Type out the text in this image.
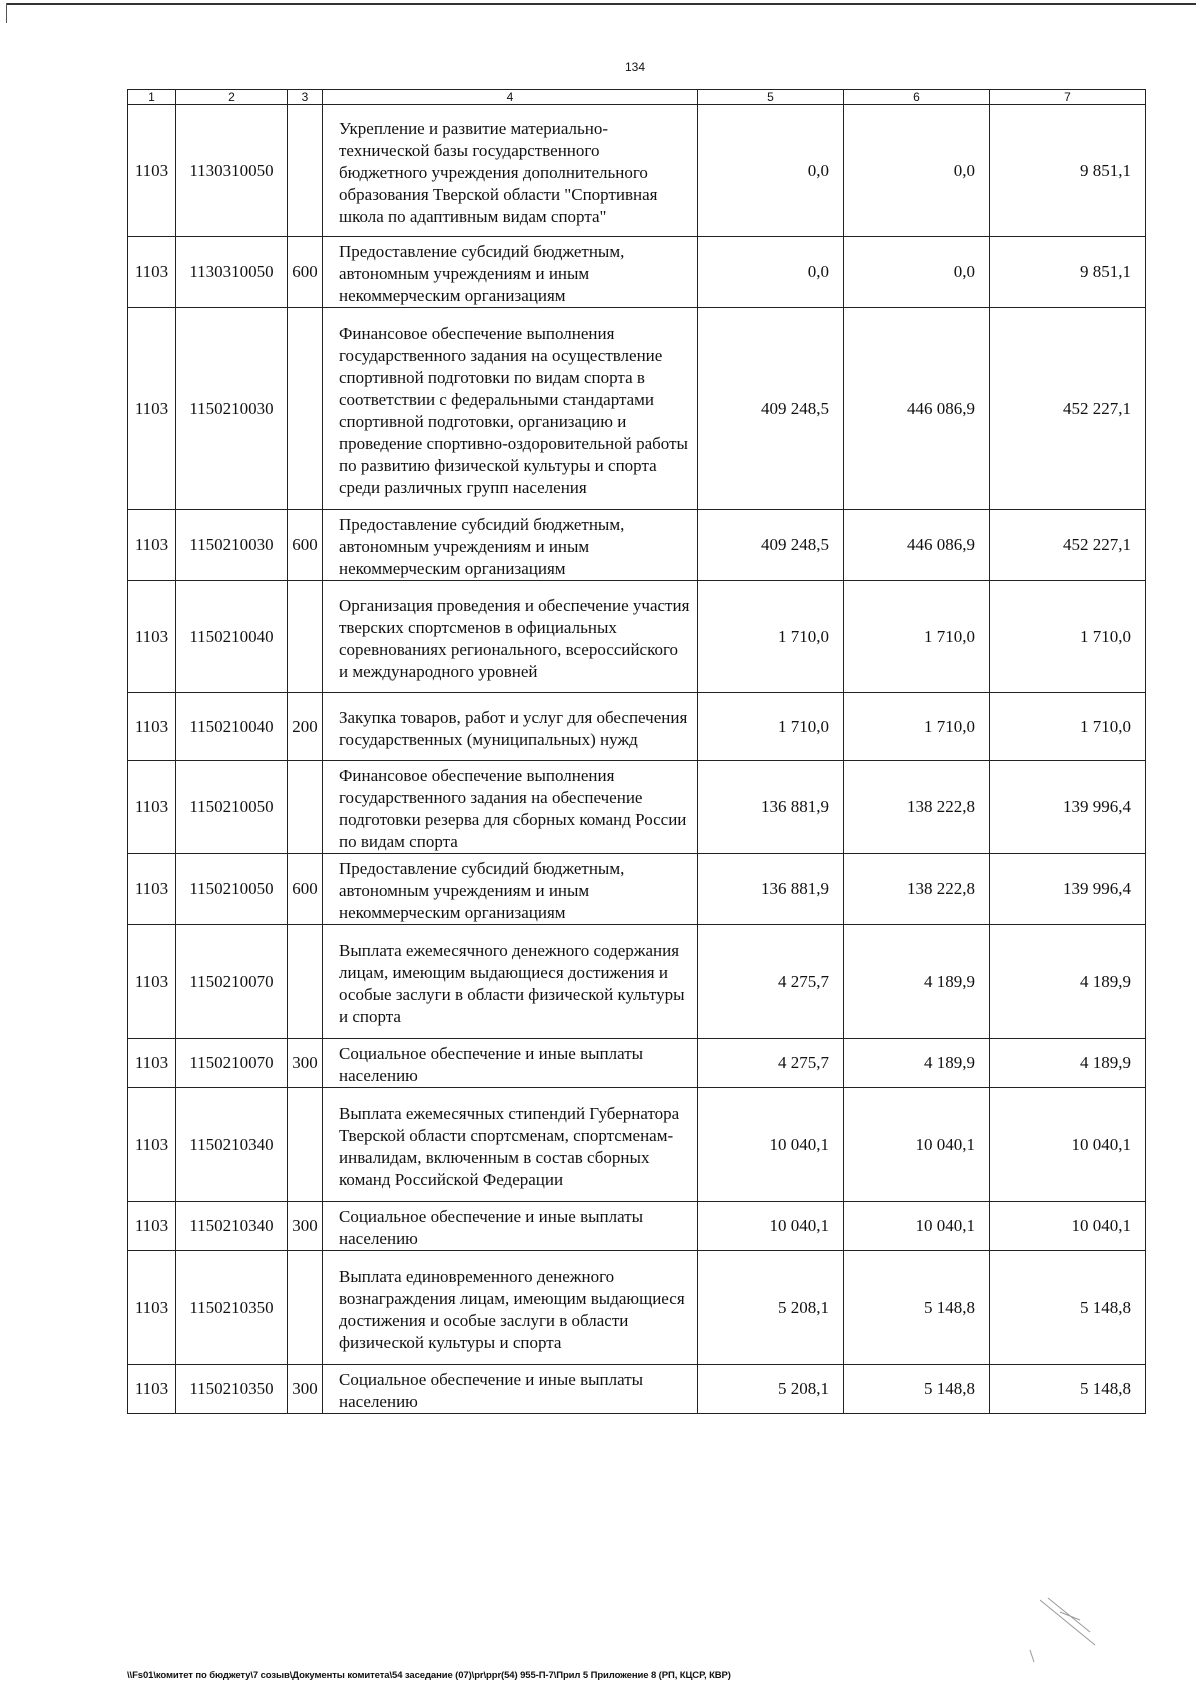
134
1	2	3	4	5	6	7
1103	1130310050		Укрепление и развитие материально-технической базы государственного бюджетного учреждения дополнительного образования Тверской области "Спортивная школа по адаптивным видам спорта"	0,0	0,0	9 851,1
1103	1130310050	600	Предоставление субсидий бюджетным, автономным учреждениям и иным некоммерческим организациям	0,0	0,0	9 851,1
1103	1150210030		Финансовое обеспечение выполнения государственного задания на осуществление спортивной подготовки по видам спорта в соответствии с федеральными стандартами спортивной подготовки, организацию и проведение спортивно-оздоровительной работы по развитию физической культуры и спорта среди различных групп населения	409 248,5	446 086,9	452 227,1
1103	1150210030	600	Предоставление субсидий бюджетным, автономным учреждениям и иным некоммерческим организациям	409 248,5	446 086,9	452 227,1
1103	1150210040		Организация проведения и обеспечение участия тверских спортсменов в официальных соревнованиях регионального, всероссийского и международного уровней	1 710,0	1 710,0	1 710,0
1103	1150210040	200	Закупка товаров, работ и услуг для обеспечения государственных (муниципальных) нужд	1 710,0	1 710,0	1 710,0
1103	1150210050		Финансовое обеспечение выполнения государственного задания на обеспечение подготовки резерва для сборных команд России по видам спорта	136 881,9	138 222,8	139 996,4
1103	1150210050	600	Предоставление субсидий бюджетным, автономным учреждениям и иным некоммерческим организациям	136 881,9	138 222,8	139 996,4
1103	1150210070		Выплата ежемесячного денежного содержания лицам, имеющим выдающиеся достижения и особые заслуги в области физической культуры и спорта	4 275,7	4 189,9	4 189,9
1103	1150210070	300	Социальное обеспечение и иные выплаты населению	4 275,7	4 189,9	4 189,9
1103	1150210340		Выплата ежемесячных стипендий Губернатора Тверской области спортсменам, спортсменам-инвалидам, включенным в состав сборных команд Российской Федерации	10 040,1	10 040,1	10 040,1
1103	1150210340	300	Социальное обеспечение и иные выплаты населению	10 040,1	10 040,1	10 040,1
1103	1150210350		Выплата единовременного денежного вознаграждения лицам, имеющим выдающиеся достижения и особые заслуги в области физической культуры и спорта	5 208,1	5 148,8	5 148,8
1103	1150210350	300	Социальное обеспечение и иные выплаты населению	5 208,1	5 148,8	5 148,8
\\Fs01\комитет по бюджету\7 созыв\Документы комитета\54 заседание (07)\pr\ppr(54) 955-П-7\Прил 5 Приложение 8 (РП, КЦСР, КВР)
